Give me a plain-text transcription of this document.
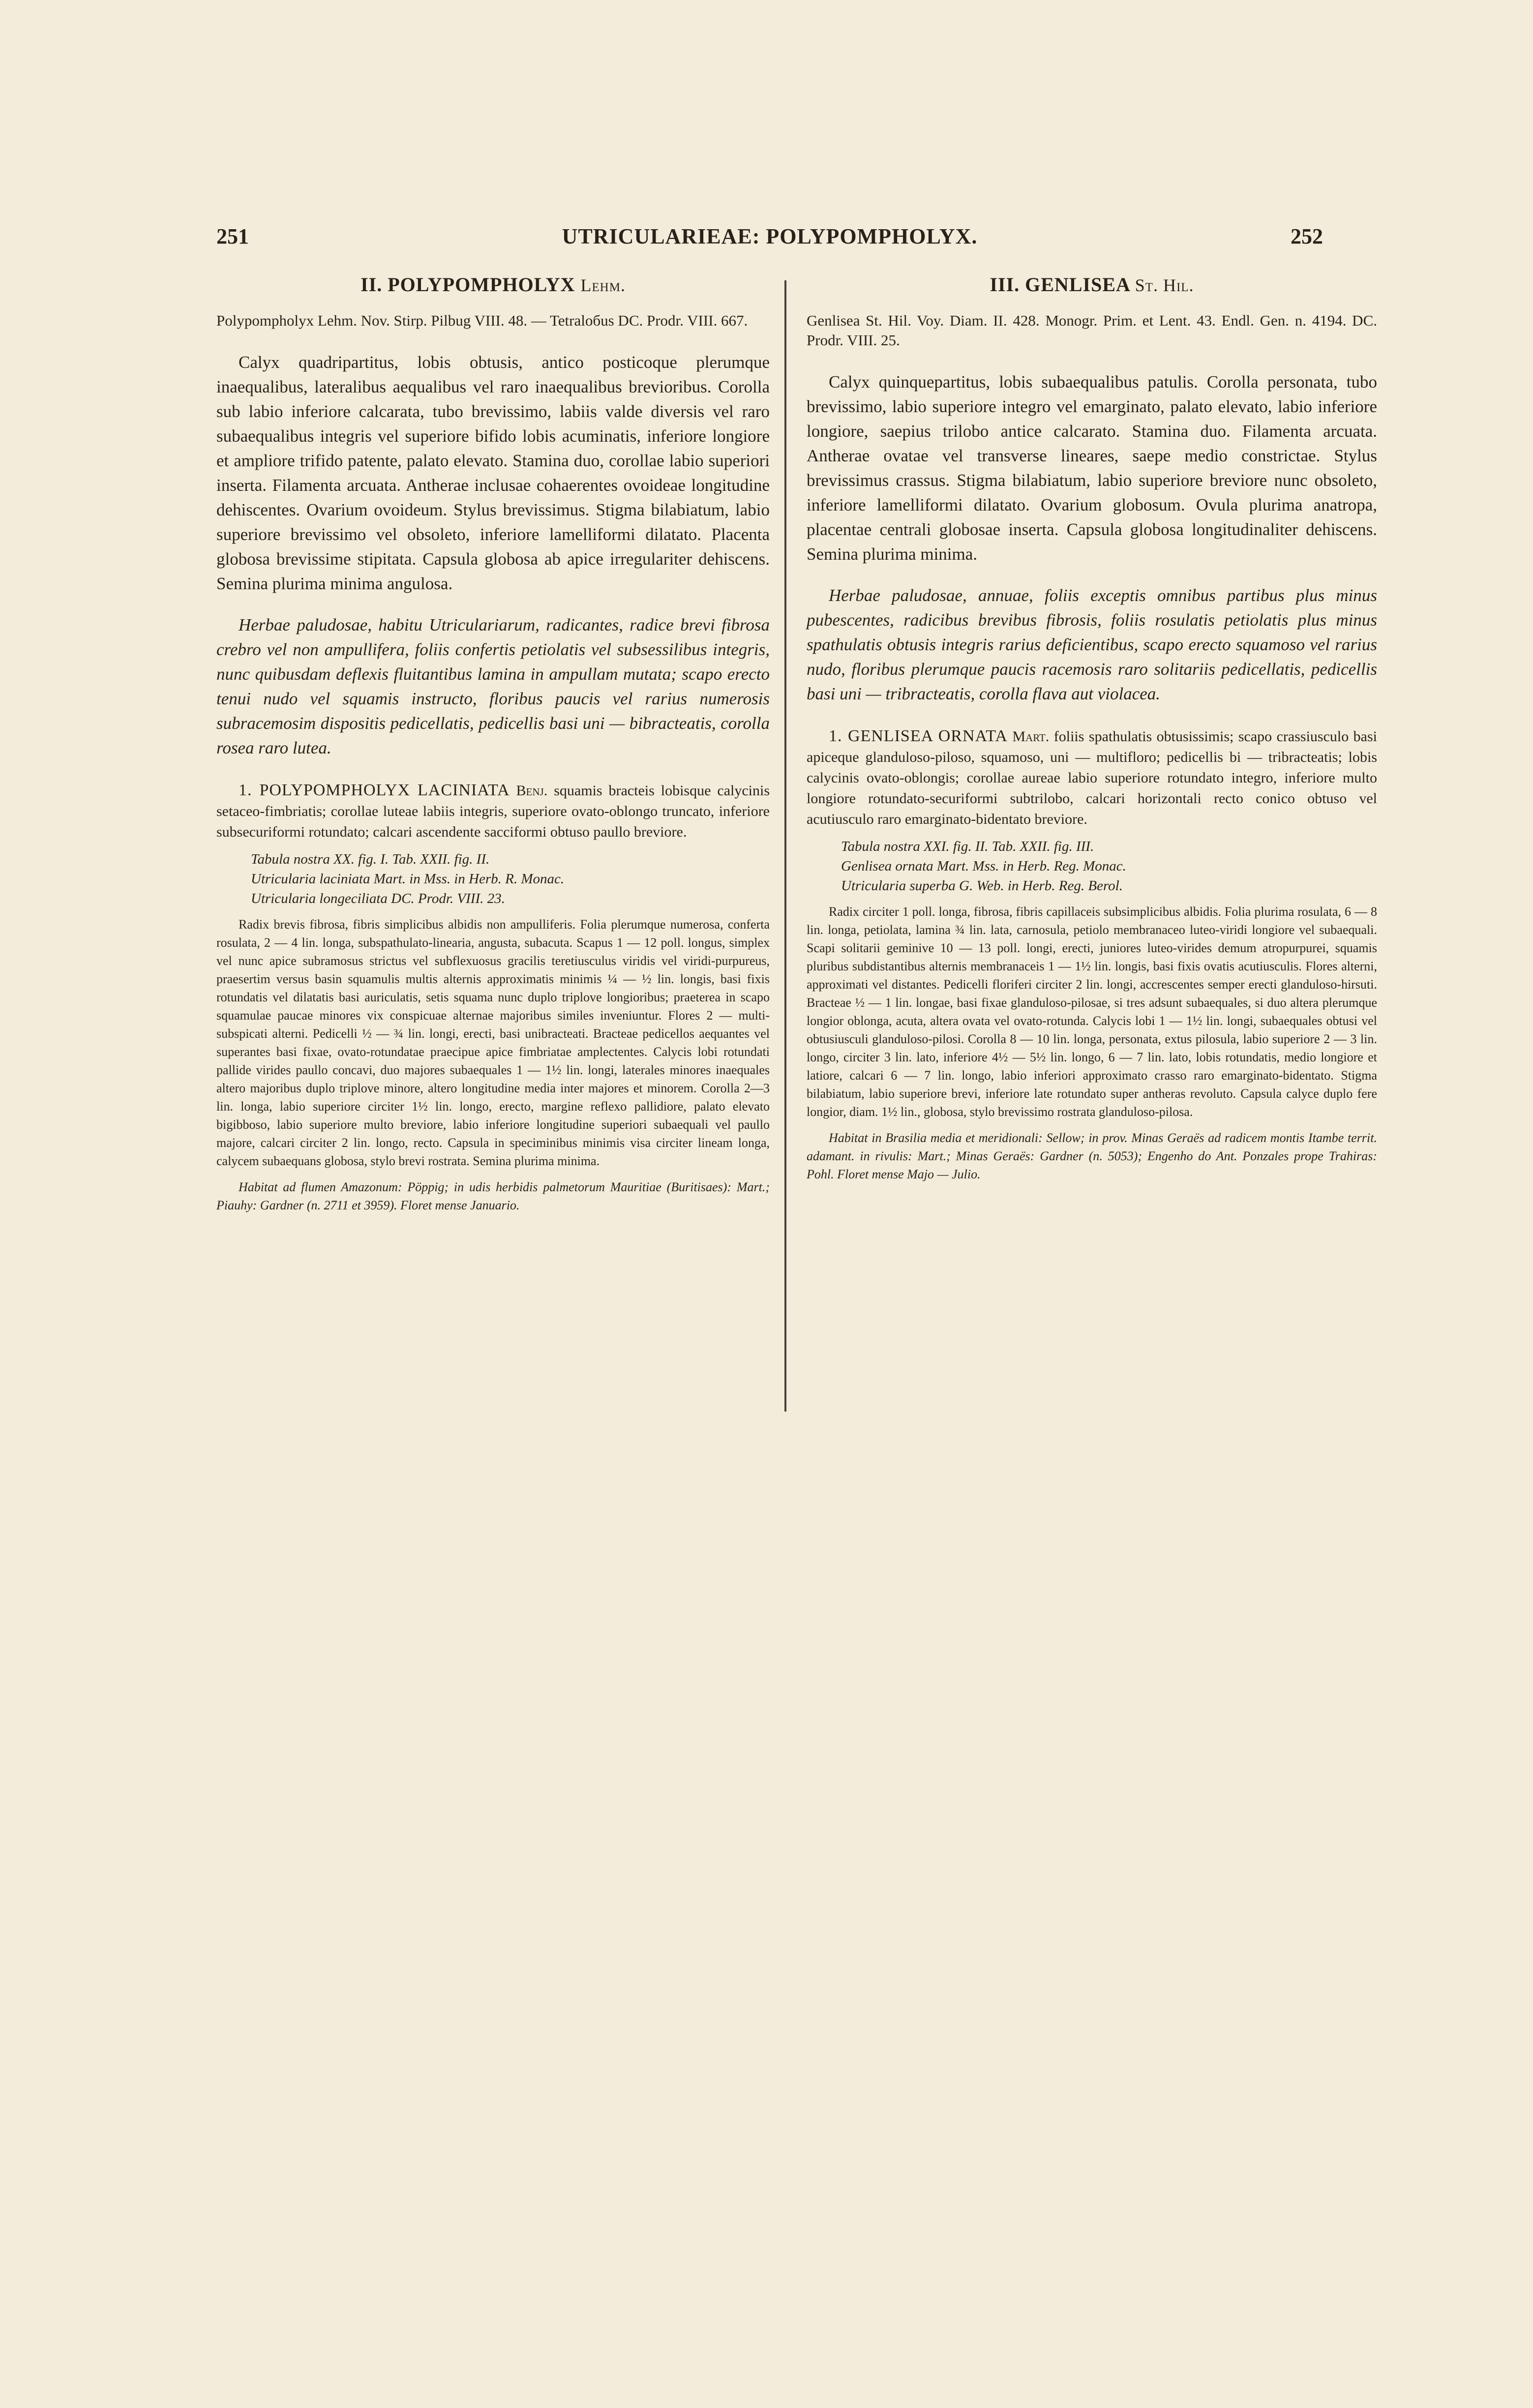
251	UTRICULARIEAE: POLYPOMPHOLYX.	252
II. POLYPOMPHOLYX Lehm.

Polypompholyx Lehm. Nov. Stirp. Pilbug VIII. 48. — Tetraloбus DC. Prodr. VIII. 667.

Calyx quadripartitus, lobis obtusis, antico posticoque plerumque inaequalibus, lateralibus aequalibus vel raro inaequalibus brevioribus. Corolla sub labio inferiore calcarata, tubo brevissimo, labiis valde diversis vel raro subaequalibus integris vel superiore bifido lobis acuminatis, inferiore longiore et ampliore trifido patente, palato elevato. Stamina duo, corollae labio superiori inserta. Filamenta arcuata. Antherae inclusae cohaerentes ovoideae longitudine dehiscentes. Ovarium ovoideum. Stylus brevissimus. Stigma bilabiatum, labio superiore brevissimo vel obsoleto, inferiore lamelliformi dilatato. Placenta globosa brevissime stipitata. Capsula globosa ab apice irregulariter dehiscens. Semina plurima minima angulosa.

Herbae paludosae, habitu Utriculariarum, radicantes, radice brevi fibrosa crebro vel non ampullifera, foliis confertis petiolatis vel subsessilibus integris, nunc quibusdam deflexis fluitantibus lamina in ampullam mutata; scapo erecto tenui nudo vel squamis instructo, floribus paucis vel rarius numerosis subracemosim dispositis pedicellatis, pedicellis basi uni — bibracteatis, corolla rosea raro lutea.

1. POLYPOMPHOLYX LACINIATA Benj. squamis bracteis lobisque calycinis setaceo-fimbriatis; corollae luteae labiis integris, superiore ovato-oblongo truncato, inferiore subsecuriformi rotundato; calcari ascendente sacciformi obtuso paullo breviore.

Tabula nostra XX. fig. I. Tab. XXII. fig. II.

Utricularia laciniata Mart. in Mss. in Herb. R. Monac.

Utricularia longeciliata DC. Prodr. VIII. 23.

Radix brevis fibrosa, fibris simplicibus albidis non ampulliferis. Folia plerumque numerosa, conferta rosulata, 2 — 4 lin. longa, subspathulato-linearia, angusta, subacuta. Scapus 1 — 12 poll. longus, simplex vel nunc apice subramosus strictus vel subflexuosus gracilis teretiusculus viridis vel viridi-purpureus, praesertim versus basin squamulis multis alternis approximatis minimis ¼ — ½ lin. longis, basi fixis rotundatis vel dilatatis basi auriculatis, setis squama nunc duplo triplove longioribus; praeterea in scapo squamulae paucae minores vix conspicuae alternae majoribus similes inveniuntur. Flores 2 — multi-subspicati alterni. Pedicelli ½ — ¾ lin. longi, erecti, basi unibracteati. Bracteae pedicellos aequantes vel superantes basi fixae, ovato-rotundatae praecipue apice fimbriatae amplectentes. Calycis lobi rotundati pallide virides paullo concavi, duo majores subaequales 1 — 1½ lin. longi, laterales minores inaequales altero majoribus duplo triplove minore, altero longitudine media inter majores et minorem. Corolla 2—3 lin. longa, labio superiore circiter 1½ lin. longo, erecto, margine reflexo pallidiore, palato elevato bigibboso, labio superiore multo breviore, labio inferiore longitudine superiori subaequali vel paullo majore, calcari circiter 2 lin. longo, recto. Capsula in speciminibus minimis visa circiter lineam longa, calycem subaequans globosa, stylo brevi rostrata. Semina plurima minima.

Habitat ad flumen Amazonum: Pöppig; in udis herbidis palmetorum Mauritiae (Buritisaes): Mart.; Piauhy: Gardner (n. 2711 et 3959). Floret mense Januario.

III. GENLISEA St. Hil.

Genlisea St. Hil. Voy. Diam. II. 428. Monogr. Prim. et Lent. 43. Endl. Gen. n. 4194. DC. Prodr. VIII. 25.

Calyx quinquepartitus, lobis subaequalibus patulis. Corolla personata, tubo brevissimo, labio superiore integro vel emarginato, palato elevato, labio inferiore longiore, saepius trilobo antice calcarato. Stamina duo. Filamenta arcuata. Antherae ovatae vel transverse lineares, saepe medio constrictae. Stylus brevissimus crassus. Stigma bilabiatum, labio superiore breviore nunc obsoleto, inferiore lamelliformi dilatato. Ovarium globosum. Ovula plurima anatropa, placentae centrali globosae inserta. Capsula globosa longitudinaliter dehiscens. Semina plurima minima.

Herbae paludosae, annuae, foliis exceptis omnibus partibus plus minus pubescentes, radicibus brevibus fibrosis, foliis rosulatis petiolatis plus minus spathulatis obtusis integris rarius deficientibus, scapo erecto squamoso vel rarius nudo, floribus plerumque paucis racemosis raro solitariis pedicellatis, pedicellis basi uni — tribracteatis, corolla flava aut violacea.

1. GENLISEA ORNATA Mart. foliis spathulatis obtusissimis; scapo crassiusculo basi apiceque glanduloso-piloso, squamoso, uni — multifloro; pedicellis bi — tribracteatis; lobis calycinis ovato-oblongis; corollae aureae labio superiore rotundato integro, inferiore multo longiore rotundato-securiformi subtrilobo, calcari horizontali recto conico obtuso vel acutiusculo raro emarginato-bidentato breviore.

Tabula nostra XXI. fig. II. Tab. XXII. fig. III.

Genlisea ornata Mart. Mss. in Herb. Reg. Monac.

Utricularia superba G. Web. in Herb. Reg. Berol.

Radix circiter 1 poll. longa, fibrosa, fibris capillaceis subsimplicibus albidis. Folia plurima rosulata, 6 — 8 lin. longa, petiolata, lamina ¾ lin. lata, carnosula, petiolo membranaceo luteo-viridi longiore vel subaequali. Scapi solitarii geminive 10 — 13 poll. longi, erecti, juniores luteo-virides demum atropurpurei, squamis pluribus subdistantibus alternis membranaceis 1 — 1½ lin. longis, basi fixis ovatis acutiusculis. Flores alterni, approximati vel distantes. Pedicelli floriferi circiter 2 lin. longi, accrescentes semper erecti glanduloso-hirsuti. Bracteae ½ — 1 lin. longae, basi fixae glanduloso-pilosae, si tres adsunt subaequales, si duo altera plerumque longior oblonga, acuta, altera ovata vel ovato-rotunda. Calycis lobi 1 — 1½ lin. longi, subaequales obtusi vel obtusiusculi glanduloso-pilosi. Corolla 8 — 10 lin. longa, personata, extus pilosula, labio superiore 2 — 3 lin. longo, circiter 3 lin. lato, inferiore 4½ — 5½ lin. longo, 6 — 7 lin. lato, lobis rotundatis, medio longiore et latiore, calcari 6 — 7 lin. longo, labio inferiori approximato crasso raro emarginato-bidentato. Stigma bilabiatum, labio superiore brevi, inferiore late rotundato super antheras revoluto. Capsula calyce duplo fere longior, diam. 1½ lin., globosa, stylo brevissimo rostrata glanduloso-pilosa.

Habitat in Brasilia media et meridionali: Sellow; in prov. Minas Geraës ad radicem montis Itambe territ. adamant. in rivulis: Mart.; Minas Geraës: Gardner (n. 5053); Engenho do Ant. Ponzales prope Trahiras: Pohl. Floret mense Majo — Julio.
